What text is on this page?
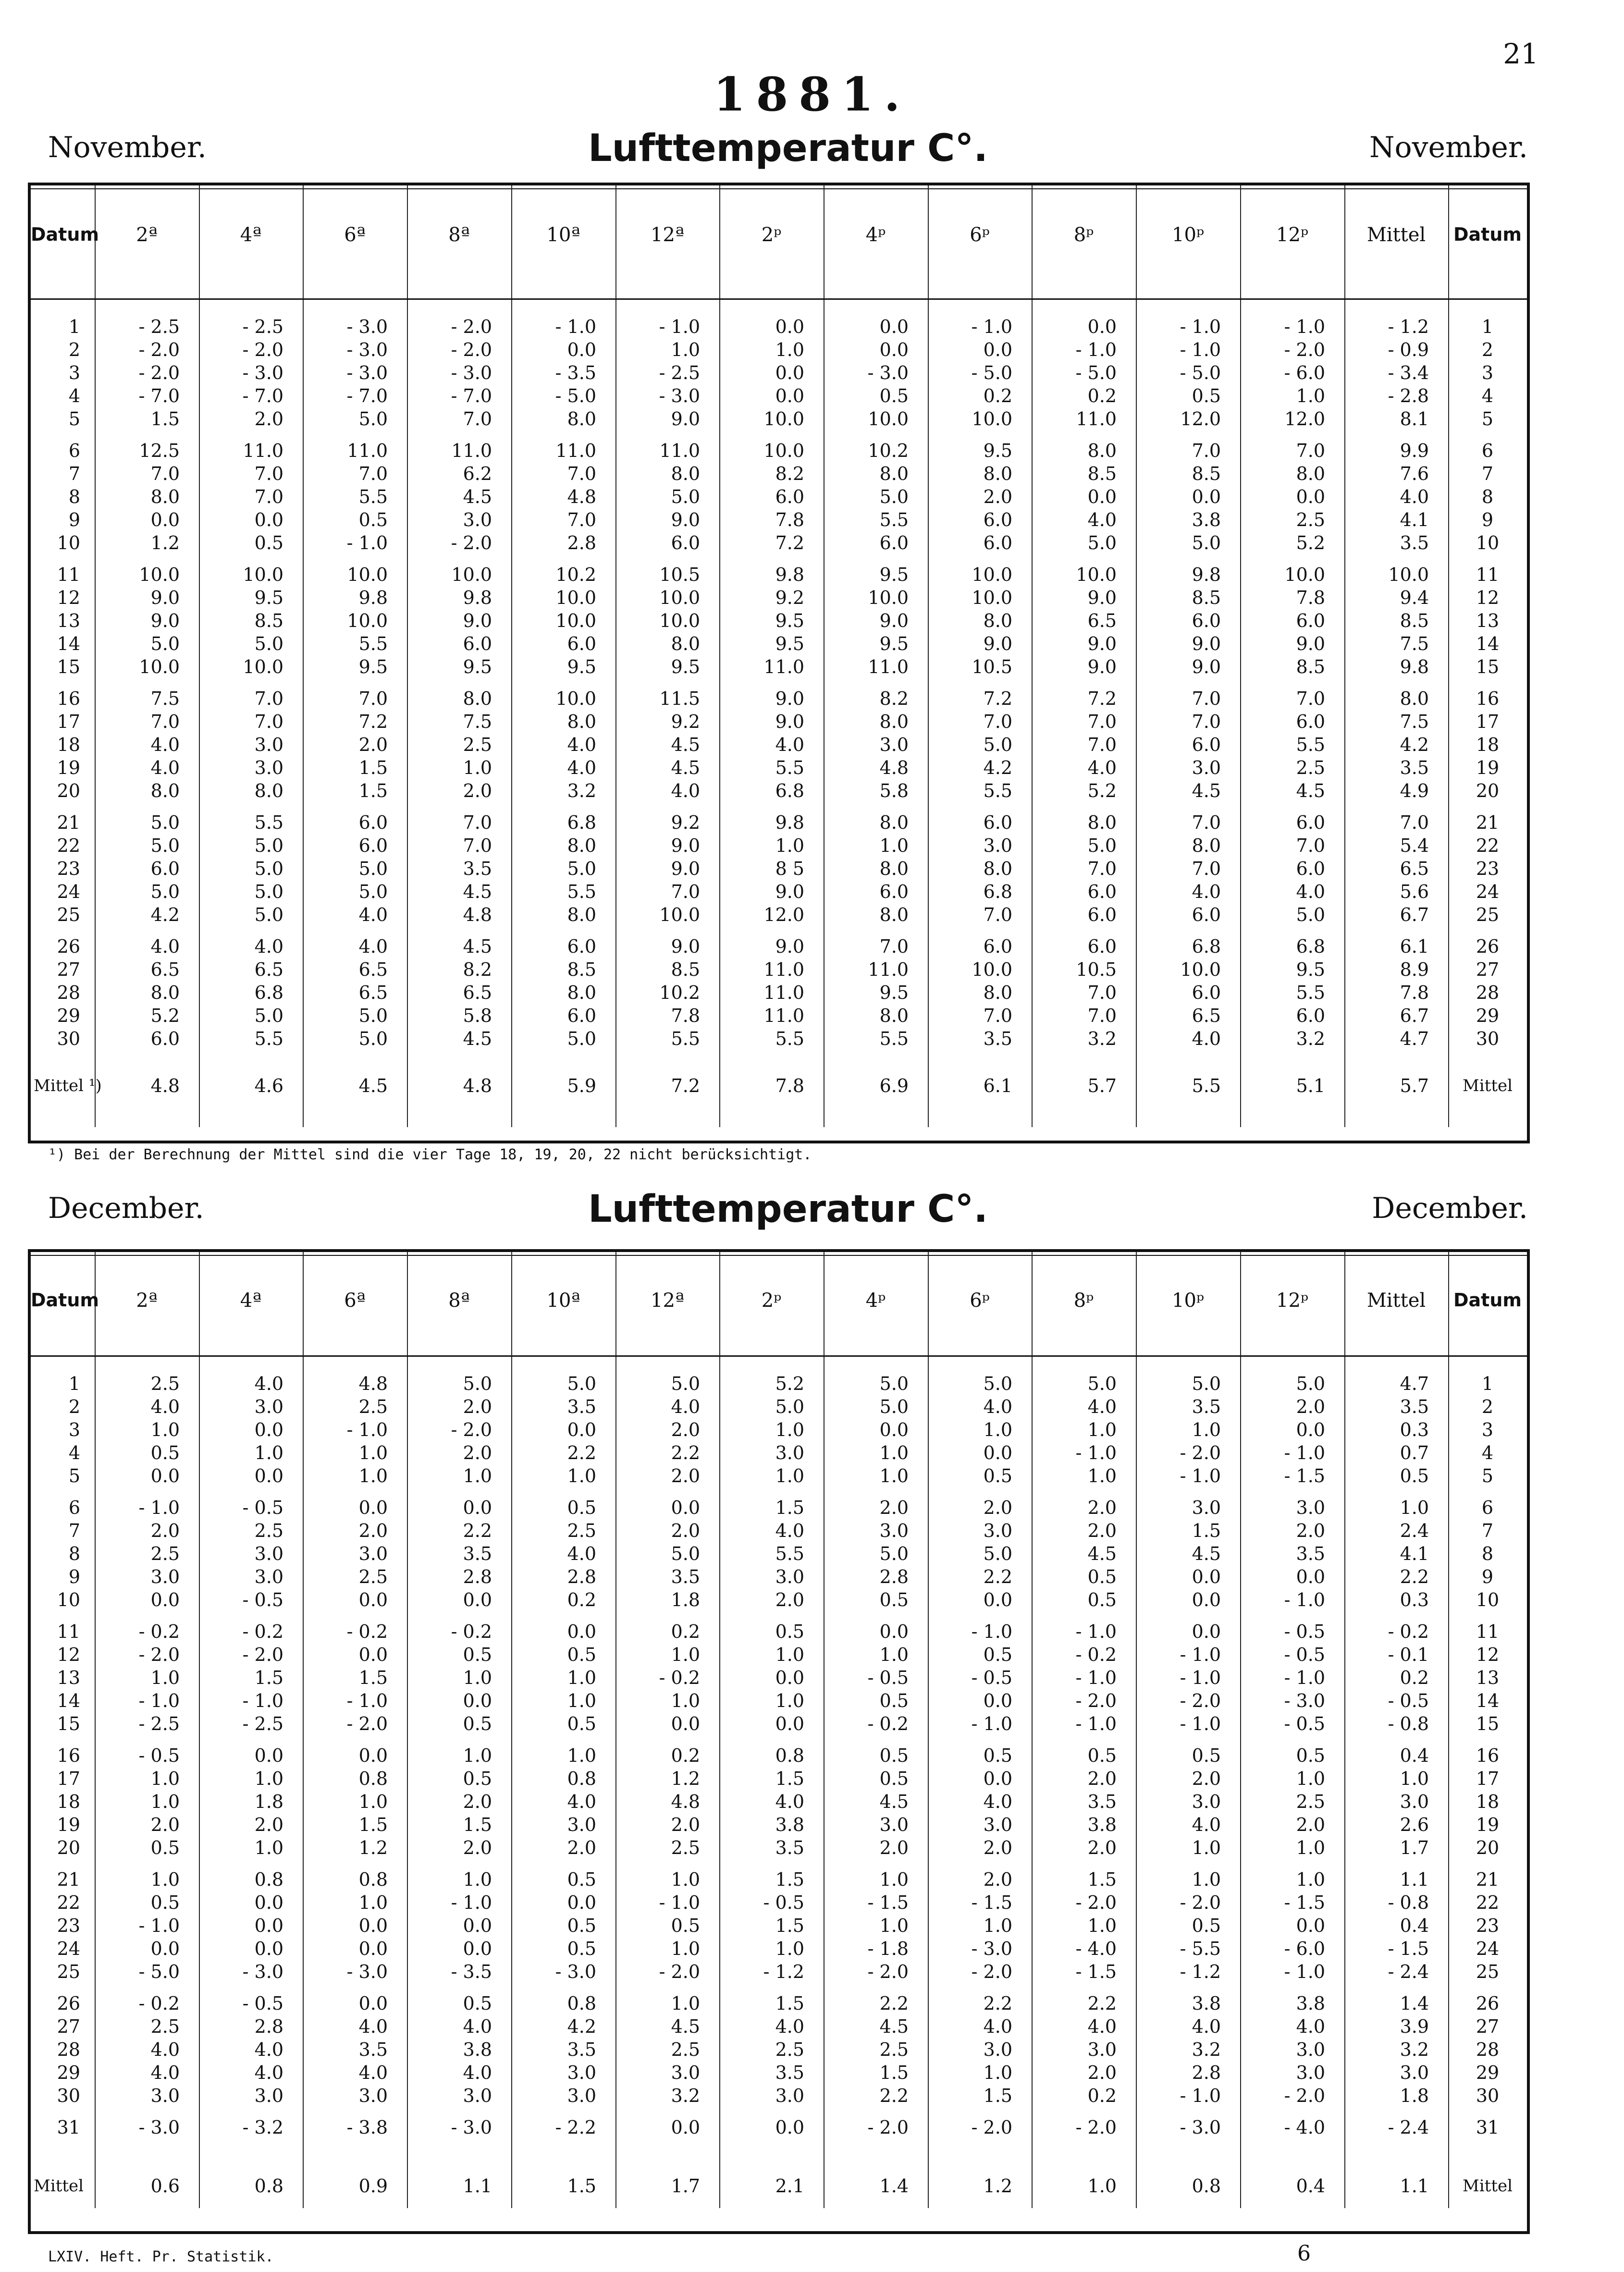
21
1881.
November.	Lufttemperatur C°.	November.
Datum	2ª	4ª	6ª	8ª	10ª	12ª	2ᵖ	4ᵖ	6ᵖ	8ᵖ	10ᵖ	12ᵖ	Mittel	Datum
1	- 2.5	- 2.5	- 3.0	- 2.0	- 1.0	- 1.0	0.0	0.0	- 1.0	0.0	- 1.0	- 1.0	- 1.2	1
2	- 2.0	- 2.0	- 3.0	- 2.0	0.0	1.0	1.0	0.0	0.0	- 1.0	- 1.0	- 2.0	- 0.9	2
3	- 2.0	- 3.0	- 3.0	- 3.0	- 3.5	- 2.5	0.0	- 3.0	- 5.0	- 5.0	- 5.0	- 6.0	- 3.4	3
4	- 7.0	- 7.0	- 7.0	- 7.0	- 5.0	- 3.0	0.0	0.5	0.2	0.2	0.5	1.0	- 2.8	4
5	1.5	2.0	5.0	7.0	8.0	9.0	10.0	10.0	10.0	11.0	12.0	12.0	8.1	5
6	12.5	11.0	11.0	11.0	11.0	11.0	10.0	10.2	9.5	8.0	7.0	7.0	9.9	6
7	7.0	7.0	7.0	6.2	7.0	8.0	8.2	8.0	8.0	8.5	8.5	8.0	7.6	7
8	8.0	7.0	5.5	4.5	4.8	5.0	6.0	5.0	2.0	0.0	0.0	0.0	4.0	8
9	0.0	0.0	0.5	3.0	7.0	9.0	7.8	5.5	6.0	4.0	3.8	2.5	4.1	9
10	1.2	0.5	- 1.0	- 2.0	2.8	6.0	7.2	6.0	6.0	5.0	5.0	5.2	3.5	10
11	10.0	10.0	10.0	10.0	10.2	10.5	9.8	9.5	10.0	10.0	9.8	10.0	10.0	11
12	9.0	9.5	9.8	9.8	10.0	10.0	9.2	10.0	10.0	9.0	8.5	7.8	9.4	12
13	9.0	8.5	10.0	9.0	10.0	10.0	9.5	9.0	8.0	6.5	6.0	6.0	8.5	13
14	5.0	5.0	5.5	6.0	6.0	8.0	9.5	9.5	9.0	9.0	9.0	9.0	7.5	14
15	10.0	10.0	9.5	9.5	9.5	9.5	11.0	11.0	10.5	9.0	9.0	8.5	9.8	15
16	7.5	7.0	7.0	8.0	10.0	11.5	9.0	8.2	7.2	7.2	7.0	7.0	8.0	16
17	7.0	7.0	7.2	7.5	8.0	9.2	9.0	8.0	7.0	7.0	7.0	6.0	7.5	17
18	4.0	3.0	2.0	2.5	4.0	4.5	4.0	3.0	5.0	7.0	6.0	5.5	4.2	18
19	4.0	3.0	1.5	1.0	4.0	4.5	5.5	4.8	4.2	4.0	3.0	2.5	3.5	19
20	8.0	8.0	1.5	2.0	3.2	4.0	6.8	5.8	5.5	5.2	4.5	4.5	4.9	20
21	5.0	5.5	6.0	7.0	6.8	9.2	9.8	8.0	6.0	8.0	7.0	6.0	7.0	21
22	5.0	5.0	6.0	7.0	8.0	9.0	1.0	1.0	3.0	5.0	8.0	7.0	5.4	22
23	6.0	5.0	5.0	3.5	5.0	9.0	8 5	8.0	8.0	7.0	7.0	6.0	6.5	23
24	5.0	5.0	5.0	4.5	5.5	7.0	9.0	6.0	6.8	6.0	4.0	4.0	5.6	24
25	4.2	5.0	4.0	4.8	8.0	10.0	12.0	8.0	7.0	6.0	6.0	5.0	6.7	25
26	4.0	4.0	4.0	4.5	6.0	9.0	9.0	7.0	6.0	6.0	6.8	6.8	6.1	26
27	6.5	6.5	6.5	8.2	8.5	8.5	11.0	11.0	10.0	10.5	10.0	9.5	8.9	27
28	8.0	6.8	6.5	6.5	8.0	10.2	11.0	9.5	8.0	7.0	6.0	5.5	7.8	28
29	5.2	5.0	5.0	5.8	6.0	7.8	11.0	8.0	7.0	7.0	6.5	6.0	6.7	29
30	6.0	5.5	5.0	4.5	5.0	5.5	5.5	5.5	3.5	3.2	4.0	3.2	4.7	30
Mittel ¹)	4.8	4.6	4.5	4.8	5.9	7.2	7.8	6.9	6.1	5.7	5.5	5.1	5.7	Mittel
¹) Bei der Berechnung der Mittel sind die vier Tage 18, 19, 20, 22 nicht berücksichtigt.
December.	Lufttemperatur C°.	December.
Datum	2ª	4ª	6ª	8ª	10ª	12ª	2ᵖ	4ᵖ	6ᵖ	8ᵖ	10ᵖ	12ᵖ	Mittel	Datum
1	2.5	4.0	4.8	5.0	5.0	5.0	5.2	5.0	5.0	5.0	5.0	5.0	4.7	1
2	4.0	3.0	2.5	2.0	3.5	4.0	5.0	5.0	4.0	4.0	3.5	2.0	3.5	2
3	1.0	0.0	- 1.0	- 2.0	0.0	2.0	1.0	0.0	1.0	1.0	1.0	0.0	0.3	3
4	0.5	1.0	1.0	2.0	2.2	2.2	3.0	1.0	0.0	- 1.0	- 2.0	- 1.0	0.7	4
5	0.0	0.0	1.0	1.0	1.0	2.0	1.0	1.0	0.5	1.0	- 1.0	- 1.5	0.5	5
6	- 1.0	- 0.5	0.0	0.0	0.5	0.0	1.5	2.0	2.0	2.0	3.0	3.0	1.0	6
7	2.0	2.5	2.0	2.2	2.5	2.0	4.0	3.0	3.0	2.0	1.5	2.0	2.4	7
8	2.5	3.0	3.0	3.5	4.0	5.0	5.5	5.0	5.0	4.5	4.5	3.5	4.1	8
9	3.0	3.0	2.5	2.8	2.8	3.5	3.0	2.8	2.2	0.5	0.0	0.0	2.2	9
10	0.0	- 0.5	0.0	0.0	0.2	1.8	2.0	0.5	0.0	0.5	0.0	- 1.0	0.3	10
11	- 0.2	- 0.2	- 0.2	- 0.2	0.0	0.2	0.5	0.0	- 1.0	- 1.0	0.0	- 0.5	- 0.2	11
12	- 2.0	- 2.0	0.0	0.5	0.5	1.0	1.0	1.0	0.5	- 0.2	- 1.0	- 0.5	- 0.1	12
13	1.0	1.5	1.5	1.0	1.0	- 0.2	0.0	- 0.5	- 0.5	- 1.0	- 1.0	- 1.0	0.2	13
14	- 1.0	- 1.0	- 1.0	0.0	1.0	1.0	1.0	0.5	0.0	- 2.0	- 2.0	- 3.0	- 0.5	14
15	- 2.5	- 2.5	- 2.0	0.5	0.5	0.0	0.0	- 0.2	- 1.0	- 1.0	- 1.0	- 0.5	- 0.8	15
16	- 0.5	0.0	0.0	1.0	1.0	0.2	0.8	0.5	0.5	0.5	0.5	0.5	0.4	16
17	1.0	1.0	0.8	0.5	0.8	1.2	1.5	0.5	0.0	2.0	2.0	1.0	1.0	17
18	1.0	1.8	1.0	2.0	4.0	4.8	4.0	4.5	4.0	3.5	3.0	2.5	3.0	18
19	2.0	2.0	1.5	1.5	3.0	2.0	3.8	3.0	3.0	3.8	4.0	2.0	2.6	19
20	0.5	1.0	1.2	2.0	2.0	2.5	3.5	2.0	2.0	2.0	1.0	1.0	1.7	20
21	1.0	0.8	0.8	1.0	0.5	1.0	1.5	1.0	2.0	1.5	1.0	1.0	1.1	21
22	0.5	0.0	1.0	- 1.0	0.0	- 1.0	- 0.5	- 1.5	- 1.5	- 2.0	- 2.0	- 1.5	- 0.8	22
23	- 1.0	0.0	0.0	0.0	0.5	0.5	1.5	1.0	1.0	1.0	0.5	0.0	0.4	23
24	0.0	0.0	0.0	0.0	0.5	1.0	1.0	- 1.8	- 3.0	- 4.0	- 5.5	- 6.0	- 1.5	24
25	- 5.0	- 3.0	- 3.0	- 3.5	- 3.0	- 2.0	- 1.2	- 2.0	- 2.0	- 1.5	- 1.2	- 1.0	- 2.4	25
26	- 0.2	- 0.5	0.0	0.5	0.8	1.0	1.5	2.2	2.2	2.2	3.8	3.8	1.4	26
27	2.5	2.8	4.0	4.0	4.2	4.5	4.0	4.5	4.0	4.0	4.0	4.0	3.9	27
28	4.0	4.0	3.5	3.8	3.5	2.5	2.5	2.5	3.0	3.0	3.2	3.0	3.2	28
29	4.0	4.0	4.0	4.0	3.0	3.0	3.5	1.5	1.0	2.0	2.8	3.0	3.0	29
30	3.0	3.0	3.0	3.0	3.0	3.2	3.0	2.2	1.5	0.2	- 1.0	- 2.0	1.8	30
31	- 3.0	- 3.2	- 3.8	- 3.0	- 2.2	0.0	0.0	- 2.0	- 2.0	- 2.0	- 3.0	- 4.0	- 2.4	31
Mittel	0.6	0.8	0.9	1.1	1.5	1.7	2.1	1.4	1.2	1.0	0.8	0.4	1.1	Mittel
LXIV. Heft. Pr. Statistik.	6
